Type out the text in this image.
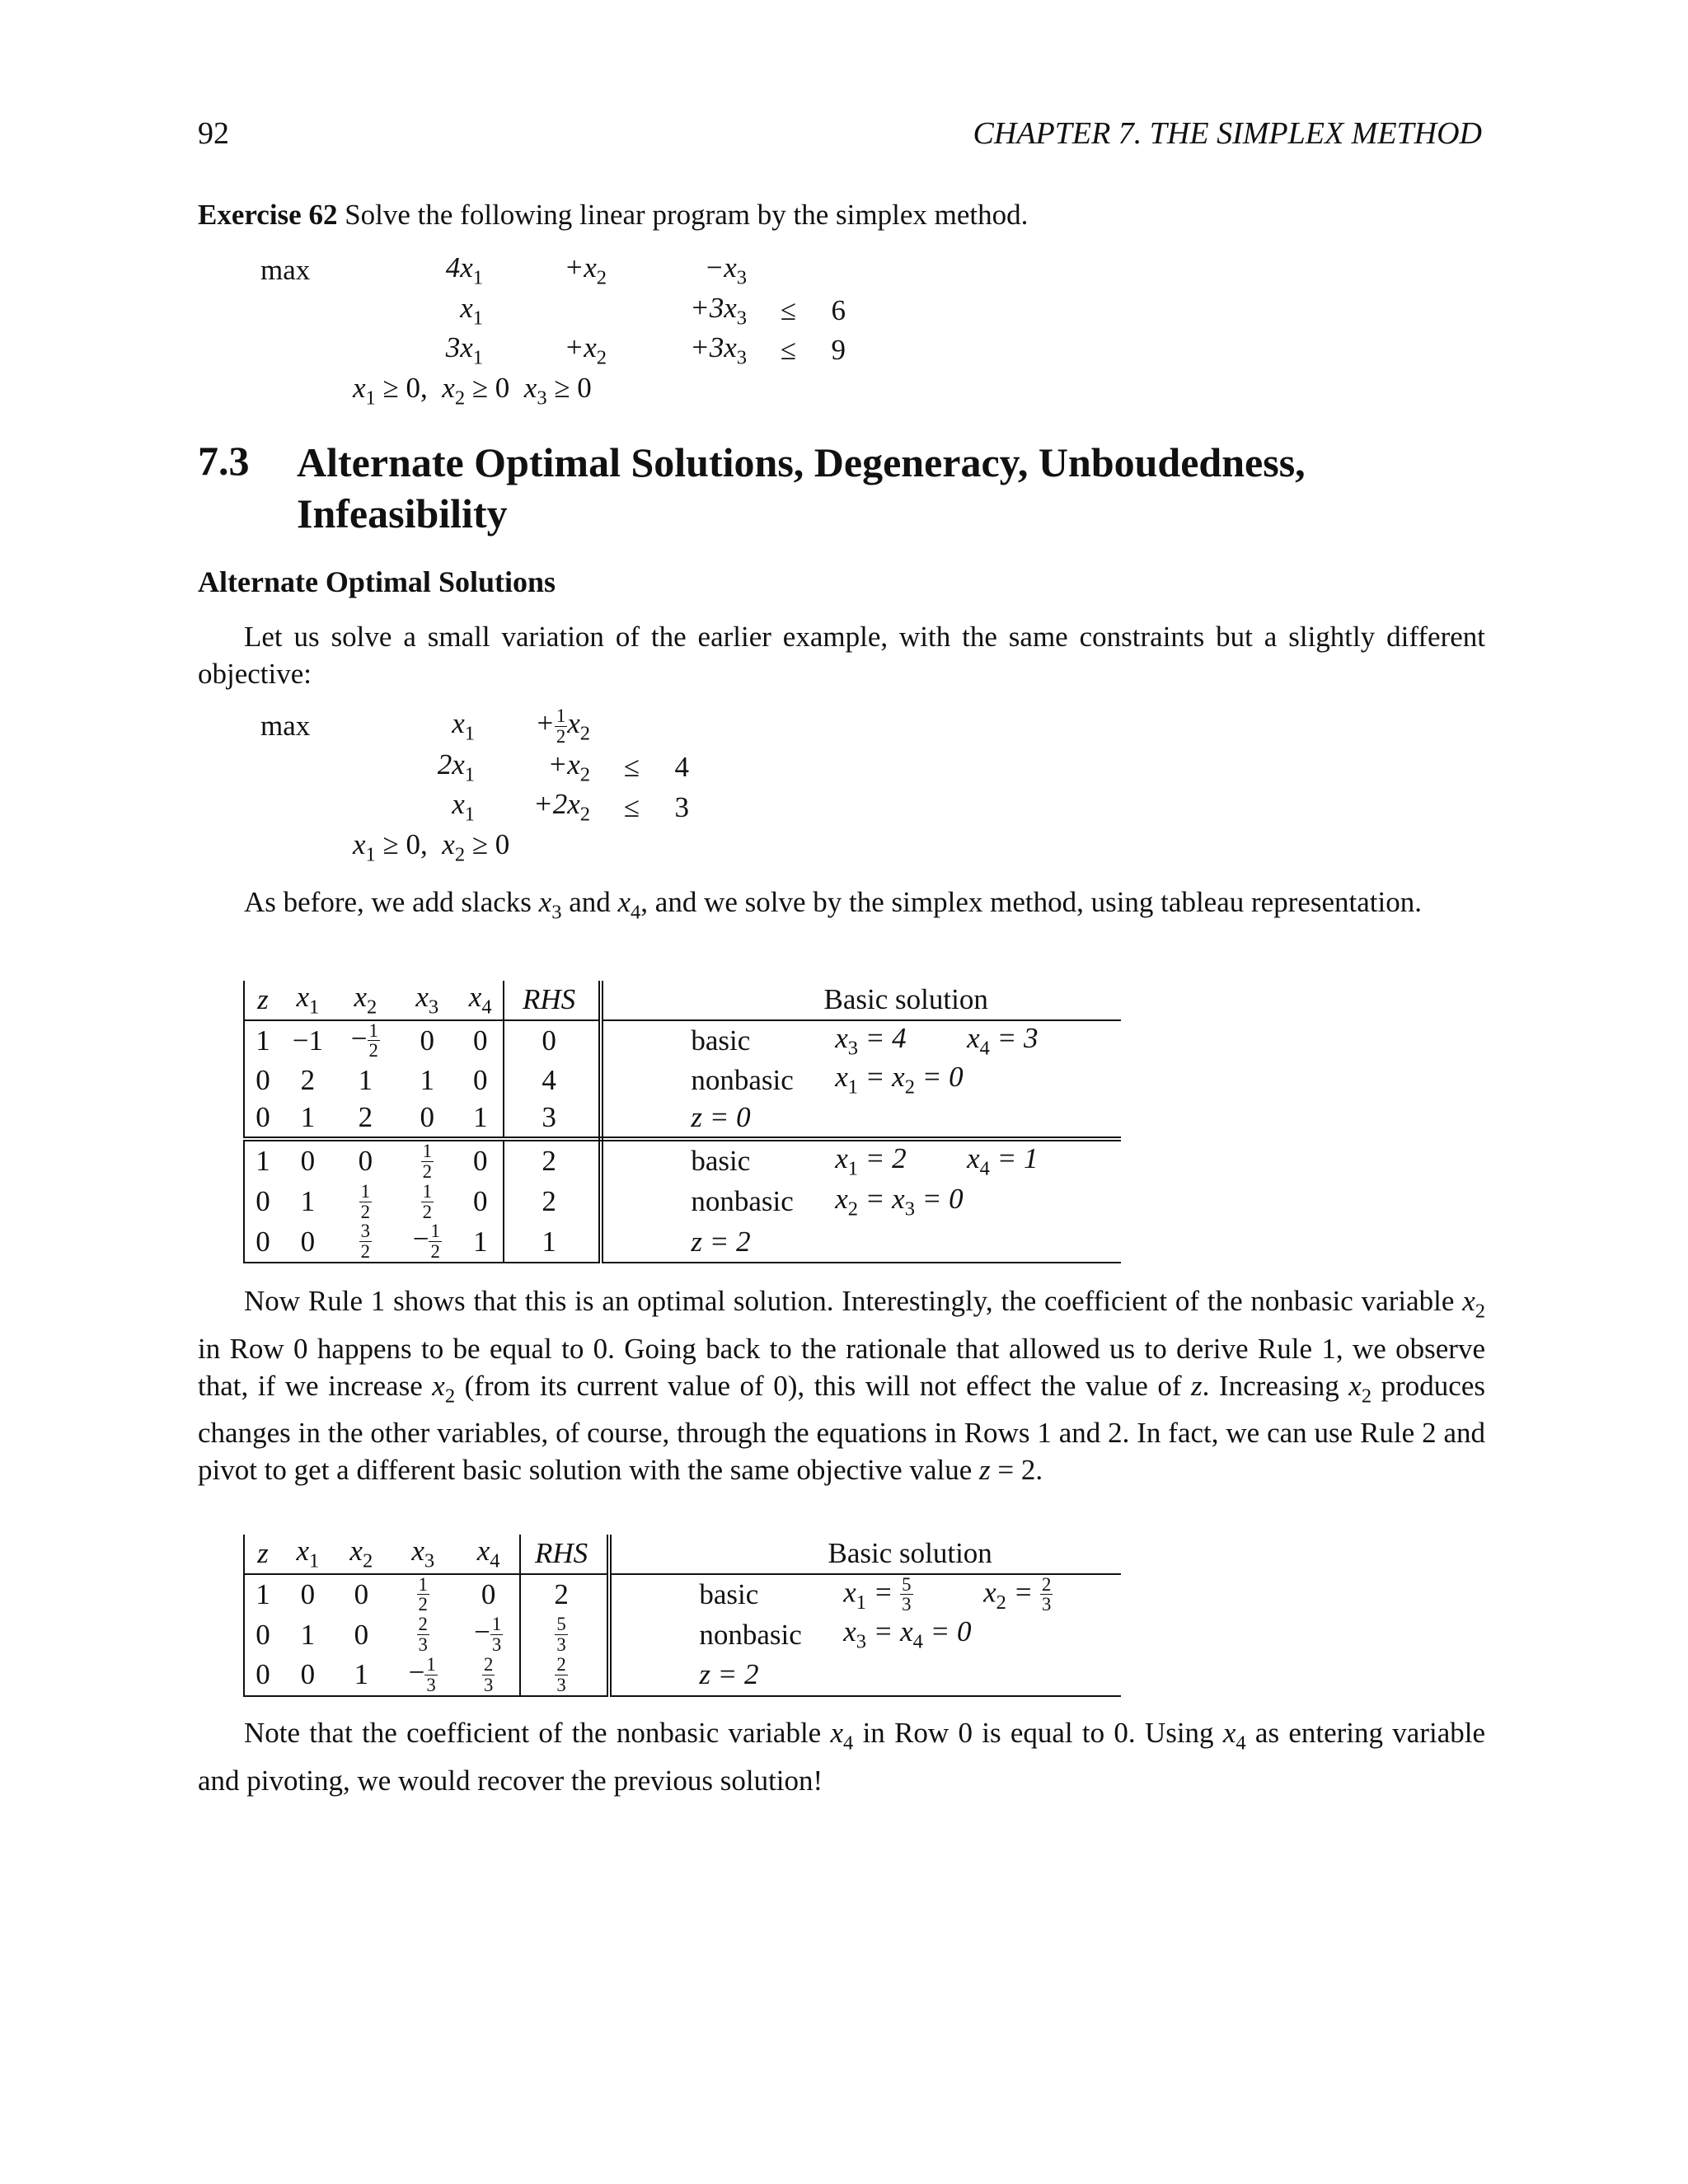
92	CHAPTER 7. THE SIMPLEX METHOD
Exercise 62 Solve the following linear program by the simplex method.
max	$4x_1$	$+x_2$	$-x_3$		
	$x_1$		$+3x_3$	≤	6
	$3x_1$	$+x_2$	$+3x_3$	≤	9
$x_1 \ge 0$,  $x_2 \ge 0$  $x_3 \ge 0$					
7.3 Alternate Optimal Solutions, Degeneracy, Unboudedness, Infeasibility
Alternate Optimal Solutions
Let us solve a small variation of the earlier example, with the same constraints but a slightly different objective:
max	$x_1$	+ $\frac{1}{2} x_2$		
	$2x_1$	$+x_2$	≤	4
	$x_1$	$+2x_2$	≤	3
$x_1 \ge 0$,  $x_2 \ge 0$				
As before, we add slacks $x_3$ and $x_4$, and we solve by the simplex method, using tableau representation.
z	$x_1$	$x_2$	$x_3$	$x_4$	RHS			Basic solution		
1	−1	− $\frac{1}{2}$	0	0	0			basic	$x_3 = 4$	$x_4 = 3$
0	2	1	1	0	4			nonbasic	$x_1 = x_2 = 0$	
0	1	2	0	1	3			z = 0		
1	0	0	$\frac{1}{2}$	0	2			basic	$x_1 = 2$	$x_4 = 1$
0	1	$\frac{1}{2}$	$\frac{1}{2}$	0	2			nonbasic	$x_2 = x_3 = 0$	
0	0	$\frac{3}{2}$	− $\frac{1}{2}$	1	1			z = 2		
Now Rule 1 shows that this is an optimal solution. Interestingly, the coefficient of the nonbasic variable $x_2$ in Row 0 happens to be equal to 0. Going back to the rationale that allowed us to derive Rule 1, we observe that, if we increase $x_2$ (from its current value of 0), this will not effect the value of z. Increasing $x_2$ produces changes in the other variables, of course, through the equations in Rows 1 and 2. In fact, we can use Rule 2 and pivot to get a different basic solution with the same objective value z = 2.
z	$x_1$	$x_2$	$x_3$	$x_4$	RHS			Basic solution		
1	0	0	$\frac{1}{2}$	0	2			basic	$x_1 = \frac{5}{3}$	$x_2 = \frac{2}{3}$

0	1	0	$\frac{2}{3}$	− $\frac{1}{3}$	$\frac{5}{3}$			nonbasic	$x_3 = x_4 = 0$	
0	0	1	− $\frac{1}{3}$	$\frac{2}{3}$	$\frac{2}{3}$			z = 2		
Note that the coefficient of the nonbasic variable $x_4$ in Row 0 is equal to 0. Using $x_4$ as entering variable and pivoting, we would recover the previous solution!
